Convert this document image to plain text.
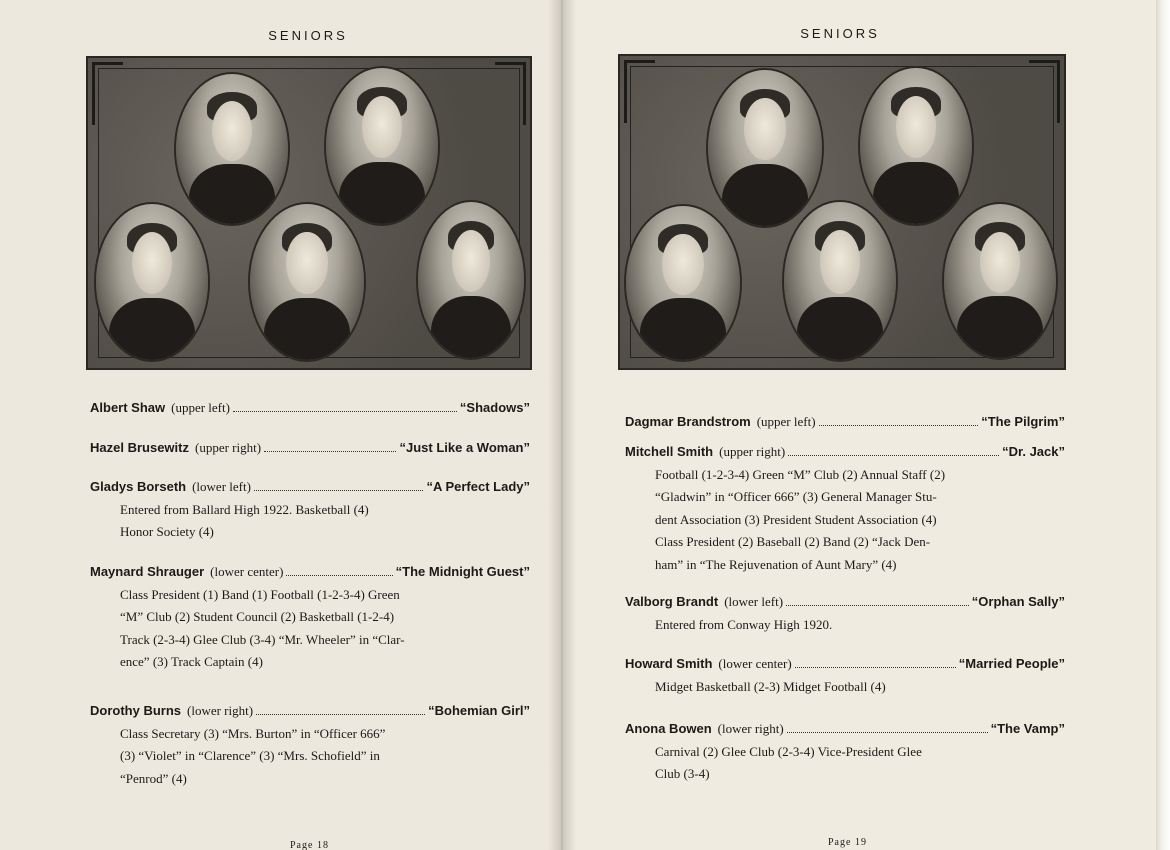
SENIORS
Albert Shaw (upper left)	“Shadows”
Hazel Brusewitz (upper right)	“Just Like a Woman”
Gladys Borseth (lower left)	“A Perfect Lady”
Entered from Ballard High 1922. Basketball (4)
Honor Society (4)
Maynard Shrauger (lower center)	“The Midnight Guest”
Class President (1) Band (1) Football (1-2-3-4) Green
“M” Club (2) Student Council (2) Basketball (1-2-4)
Track (2-3-4) Glee Club (3-4) “Mr. Wheeler” in “Clar-
ence” (3) Track Captain (4)
Dorothy Burns (lower right)	“Bohemian Girl”
Class Secretary (3) “Mrs. Burton” in “Officer 666”
(3) “Violet” in “Clarence” (3) “Mrs. Schofield” in
“Penrod” (4)
Page 18
SENIORS
Dagmar Brandstrom (upper left)	“The Pilgrim”
Mitchell Smith (upper right)	“Dr. Jack”
Football (1-2-3-4) Green “M” Club (2) Annual Staff (2)
“Gladwin” in “Officer 666” (3) General Manager Stu-
dent Association (3) President Student Association (4)
Class President (2) Baseball (2) Band (2) “Jack Den-
ham” in “The Rejuvenation of Aunt Mary” (4)
Valborg Brandt (lower left)	“Orphan Sally”
Entered from Conway High 1920.
Howard Smith (lower center)	“Married People”
Midget Basketball (2-3) Midget Football (4)
Anona Bowen (lower right)	“The Vamp”
Carnival (2) Glee Club (2-3-4) Vice-President Glee
Club (3-4)
Page 19
